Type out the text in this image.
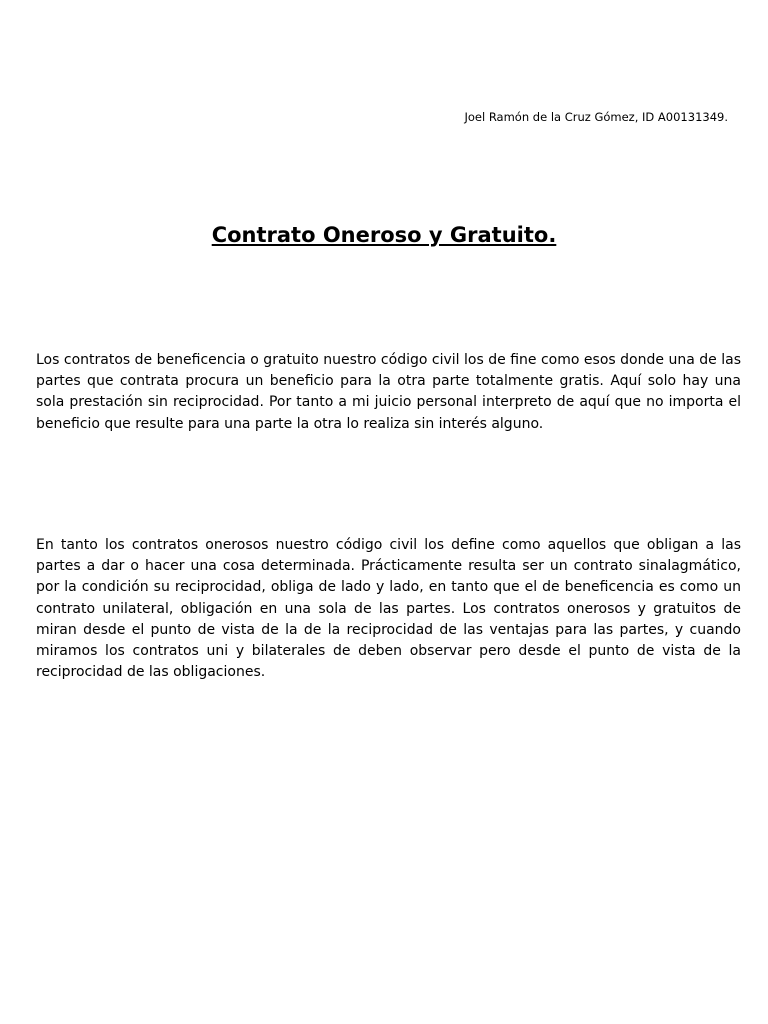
Joel Ramón de la Cruz Gómez, ID A00131349.
Contrato Oneroso y Gratuito.

Los contratos de beneficencia o gratuito nuestro código civil los de fine como esos donde una de las partes que contrata procura un beneficio para la otra parte totalmente gratis. Aquí solo hay una sola prestación sin reciprocidad. Por tanto a mi juicio personal interpreto de aquí que no importa el beneficio que resulte para una parte la otra lo realiza sin interés alguno.

En tanto los contratos onerosos nuestro código civil los define como aquellos que obligan a las partes a dar o hacer una cosa determinada. Prácticamente resulta ser un contrato sinalagmático, por la condición su reciprocidad, obliga de lado y lado, en tanto que el de beneficencia es como un contrato unilateral, obligación en una sola de las partes. Los contratos onerosos y gratuitos de miran desde el punto de vista de la de la reciprocidad de las ventajas para las partes, y cuando miramos los contratos uni y bilaterales de deben observar pero desde el punto de vista de la reciprocidad de las obligaciones.
